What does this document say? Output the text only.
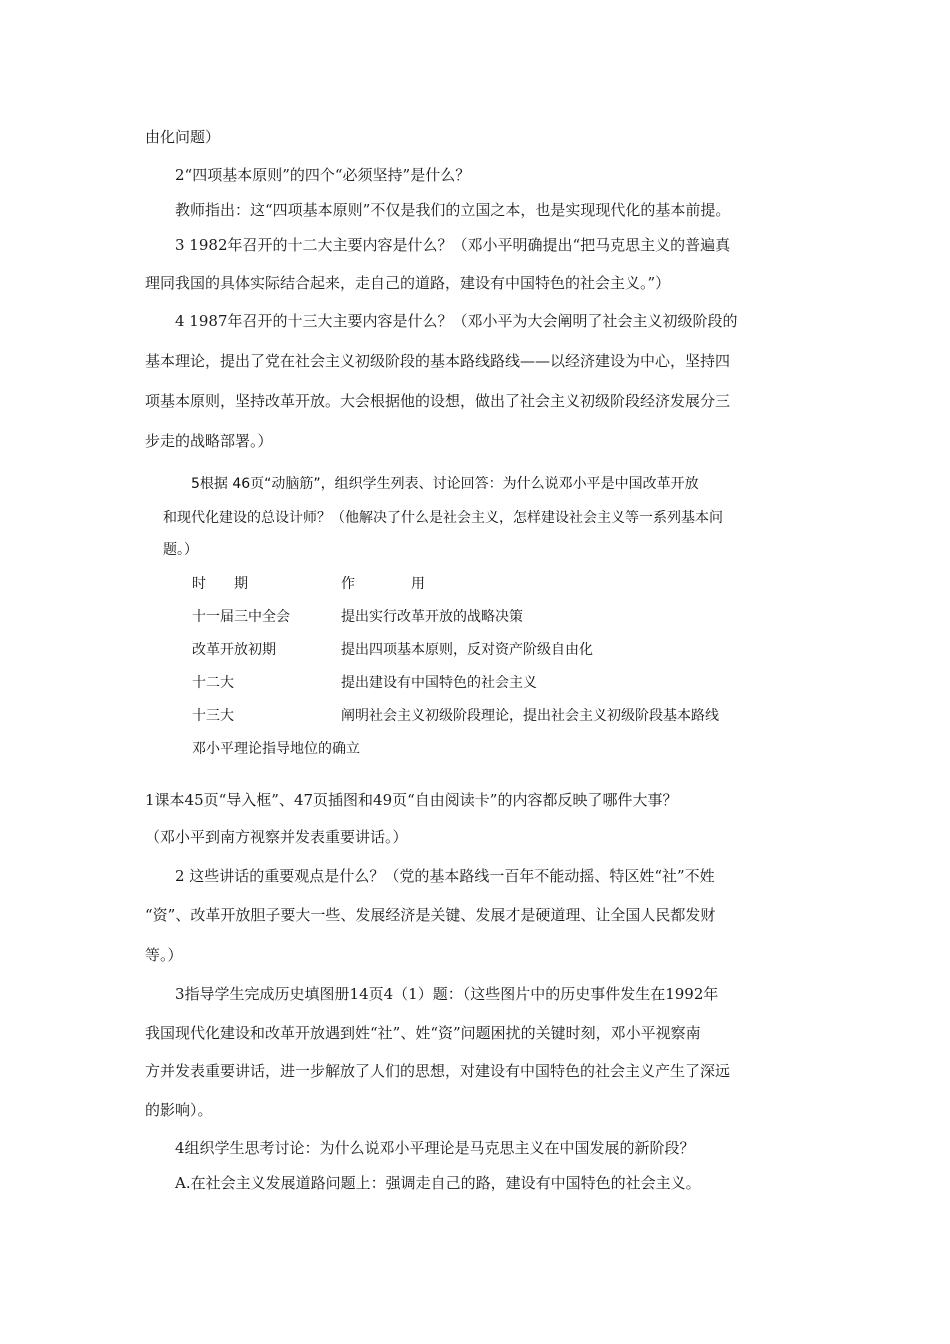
由化问题）
2“四项基本原则”的四个“必须坚持”是什么？
教师指出：这“四项基本原则”不仅是我们的立国之本，也是实现现代化的基本前提。
3 1982年召开的十二大主要内容是什么？（邓小平明确提出“把马克思主义的普遍真
理同我国的具体实际结合起来，走自己的道路，建设有中国特色的社会主义。”）
4 1987年召开的十三大主要内容是什么？（邓小平为大会阐明了社会主义初级阶段的
基本理论，提出了党在社会主义初级阶段的基本路线路线——以经济建设为中心，坚持四
项基本原则，坚持改革开放。大会根据他的设想，做出了社会主义初级阶段经济发展分三
步走的战略部署。）
5根据 46页“动脑筋”，组织学生列表、讨论回答：为什么说邓小平是中国改革开放
和现代化建设的总设计师？（他解决了什么是社会主义，怎样建设社会主义等一系列基本问
题。）
时　　期	作　　　　用
十一届三中全会	提出实行改革开放的战略决策
改革开放初期	提出四项基本原则，反对资产阶级自由化
十二大	提出建设有中国特色的社会主义
十三大	阐明社会主义初级阶段理论，提出社会主义初级阶段基本路线
邓小平理论指导地位的确立
1课本45页“导入框”、47页插图和49页“自由阅读卡”的内容都反映了哪件大事？
（邓小平到南方视察并发表重要讲话。）
2 这些讲话的重要观点是什么？（党的基本路线一百年不能动摇、特区姓“社”不姓
“资”、改革开放胆子要大一些、发展经济是关键、发展才是硬道理、让全国人民都发财
等。）
3指导学生完成历史填图册14页4（1）题：（这些图片中的历史事件发生在1992年
我国现代化建设和改革开放遇到姓“社”、姓“资”问题困扰的关键时刻，邓小平视察南
方并发表重要讲话，进一步解放了人们的思想，对建设有中国特色的社会主义产生了深远
的影响）。
4组织学生思考讨论：为什么说邓小平理论是马克思主义在中国发展的新阶段？
A.在社会主义发展道路问题上：强调走自己的路，建设有中国特色的社会主义。
